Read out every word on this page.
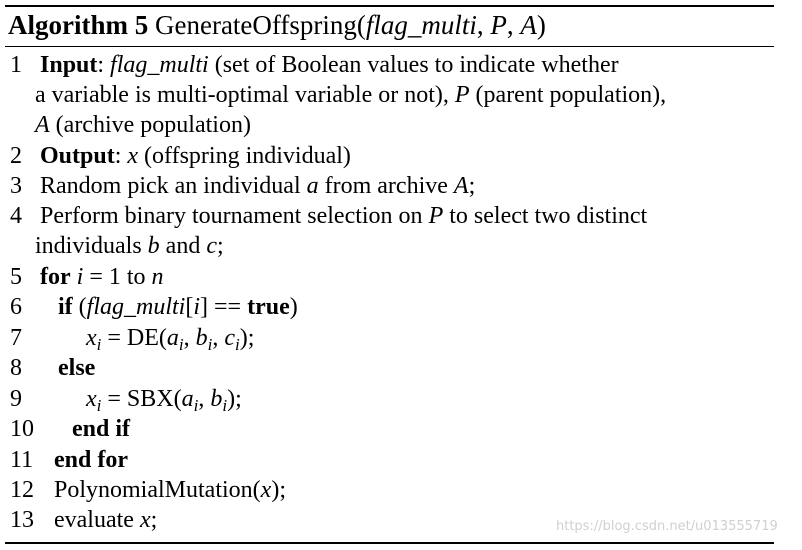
Algorithm 5 GenerateOffspring(flag_multi, P, A)
1 Input: flag_multi (set of Boolean values to indicate whether
a variable is multi-optimal variable or not), P (parent population),
A (archive population)
2 Output: x (offspring individual)
3 Random pick an individual a from archive A;
4 Perform binary tournament selection on P to select two distinct
individuals b and c;
5 for i = 1 to n
6 if (flag_multi[i] == true)
7	$x_i = DE(a_i$, $b_i$, $c_i$);
8 else
9	$x_i = SBX(a_i$, $b_i$);
10 end if
11 end for
12 PolynomialMutation(x);
13 evaluate x;	https://blog.csdn.net/u013555719
